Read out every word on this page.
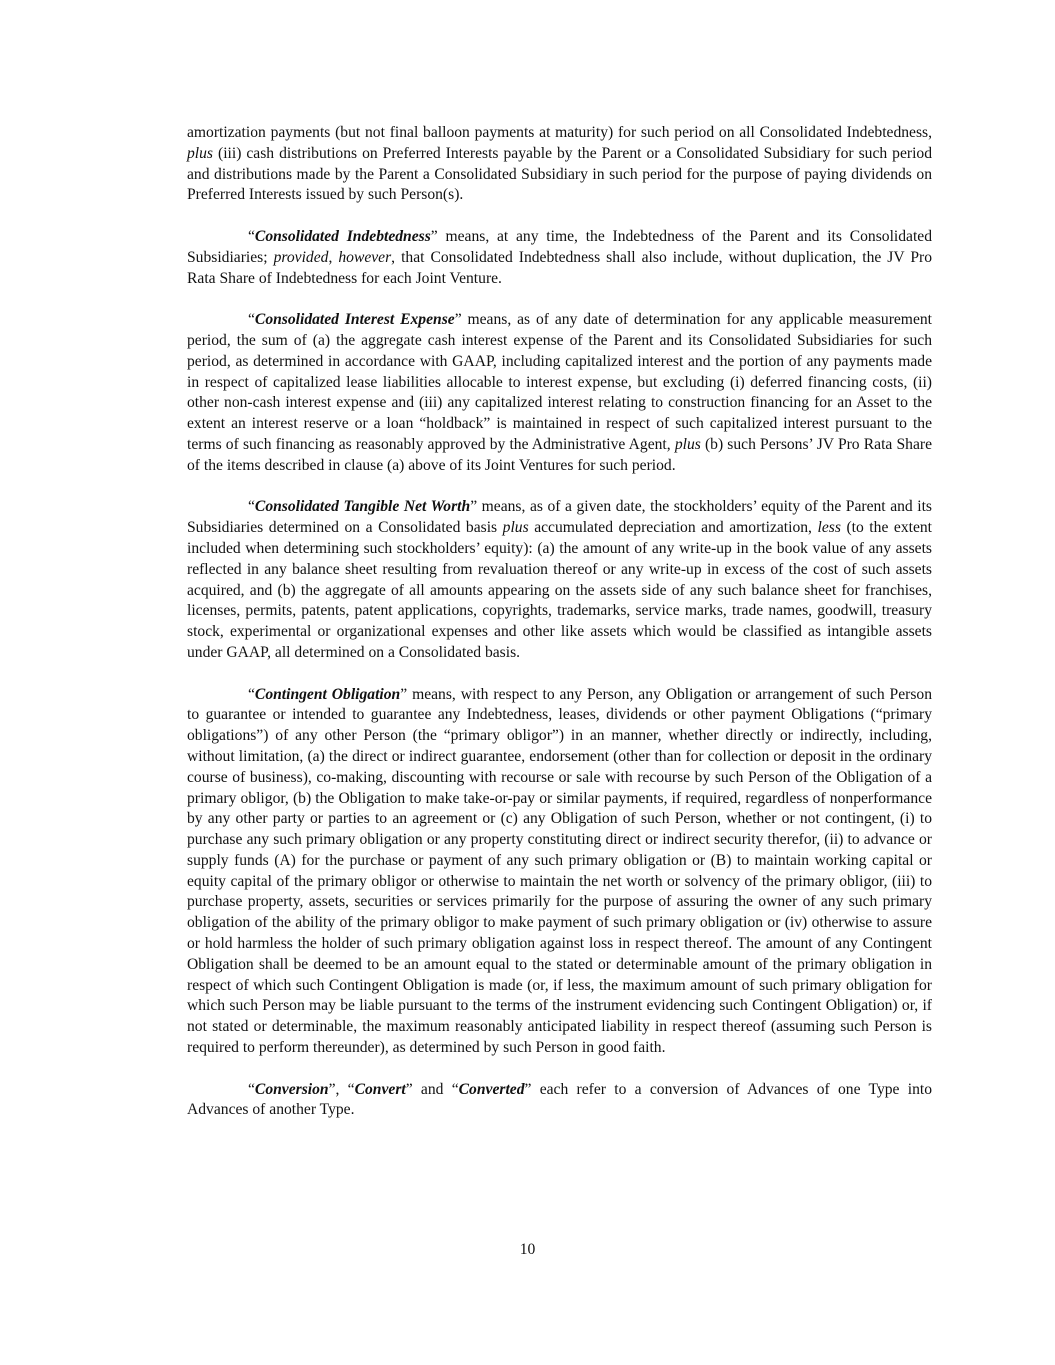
amortization payments (but not final balloon payments at maturity) for such period on all Consolidated Indebtedness, plus (iii) cash distributions on Preferred Interests payable by the Parent or a Consolidated Subsidiary for such period and distributions made by the Parent a Consolidated Subsidiary in such period for the purpose of paying dividends on Preferred Interests issued by such Person(s).

“Consolidated Indebtedness” means, at any time, the Indebtedness of the Parent and its Consolidated Subsidiaries; provided, however, that Consolidated Indebtedness shall also include, without duplication, the JV Pro Rata Share of Indebtedness for each Joint Venture.

“Consolidated Interest Expense” means, as of any date of determination for any applicable measurement period, the sum of (a) the aggregate cash interest expense of the Parent and its Consolidated Subsidiaries for such period, as determined in accordance with GAAP, including capitalized interest and the portion of any payments made in respect of capitalized lease liabilities allocable to interest expense, but excluding (i) deferred financing costs, (ii) other non-cash interest expense and (iii) any capitalized interest relating to construction financing for an Asset to the extent an interest reserve or a loan “holdback” is maintained in respect of such capitalized interest pursuant to the terms of such financing as reasonably approved by the Administrative Agent, plus (b) such Persons’ JV Pro Rata Share of the items described in clause (a) above of its Joint Ventures for such period.

“Consolidated Tangible Net Worth” means, as of a given date, the stockholders’ equity of the Parent and its Subsidiaries determined on a Consolidated basis plus accumulated depreciation and amortization, less (to the extent included when determining such stockholders’ equity): (a) the amount of any write-up in the book value of any assets reflected in any balance sheet resulting from revaluation thereof or any write-up in excess of the cost of such assets acquired, and (b) the aggregate of all amounts appearing on the assets side of any such balance sheet for franchises, licenses, permits, patents, patent applications, copyrights, trademarks, service marks, trade names, goodwill, treasury stock, experimental or organizational expenses and other like assets which would be classified as intangible assets under GAAP, all determined on a Consolidated basis.

“Contingent Obligation” means, with respect to any Person, any Obligation or arrangement of such Person to guarantee or intended to guarantee any Indebtedness, leases, dividends or other payment Obligations (“primary obligations”) of any other Person (the “primary obligor”) in an manner, whether directly or indirectly, including, without limitation, (a) the direct or indirect guarantee, endorsement (other than for collection or deposit in the ordinary course of business), co-making, discounting with recourse or sale with recourse by such Person of the Obligation of a primary obligor, (b) the Obligation to make take-or-pay or similar payments, if required, regardless of nonperformance by any other party or parties to an agreement or (c) any Obligation of such Person, whether or not contingent, (i) to purchase any such primary obligation or any property constituting direct or indirect security therefor, (ii) to advance or supply funds (A) for the purchase or payment of any such primary obligation or (B) to maintain working capital or equity capital of the primary obligor or otherwise to maintain the net worth or solvency of the primary obligor, (iii) to purchase property, assets, securities or services primarily for the purpose of assuring the owner of any such primary obligation of the ability of the primary obligor to make payment of such primary obligation or (iv) otherwise to assure or hold harmless the holder of such primary obligation against loss in respect thereof. The amount of any Contingent Obligation shall be deemed to be an amount equal to the stated or determinable amount of the primary obligation in respect of which such Contingent Obligation is made (or, if less, the maximum amount of such primary obligation for which such Person may be liable pursuant to the terms of the instrument evidencing such Contingent Obligation) or, if not stated or determinable, the maximum reasonably anticipated liability in respect thereof (assuming such Person is required to perform thereunder), as determined by such Person in good faith.

“Conversion”, “Convert” and “Converted” each refer to a conversion of Advances of one Type into Advances of another Type.

10
